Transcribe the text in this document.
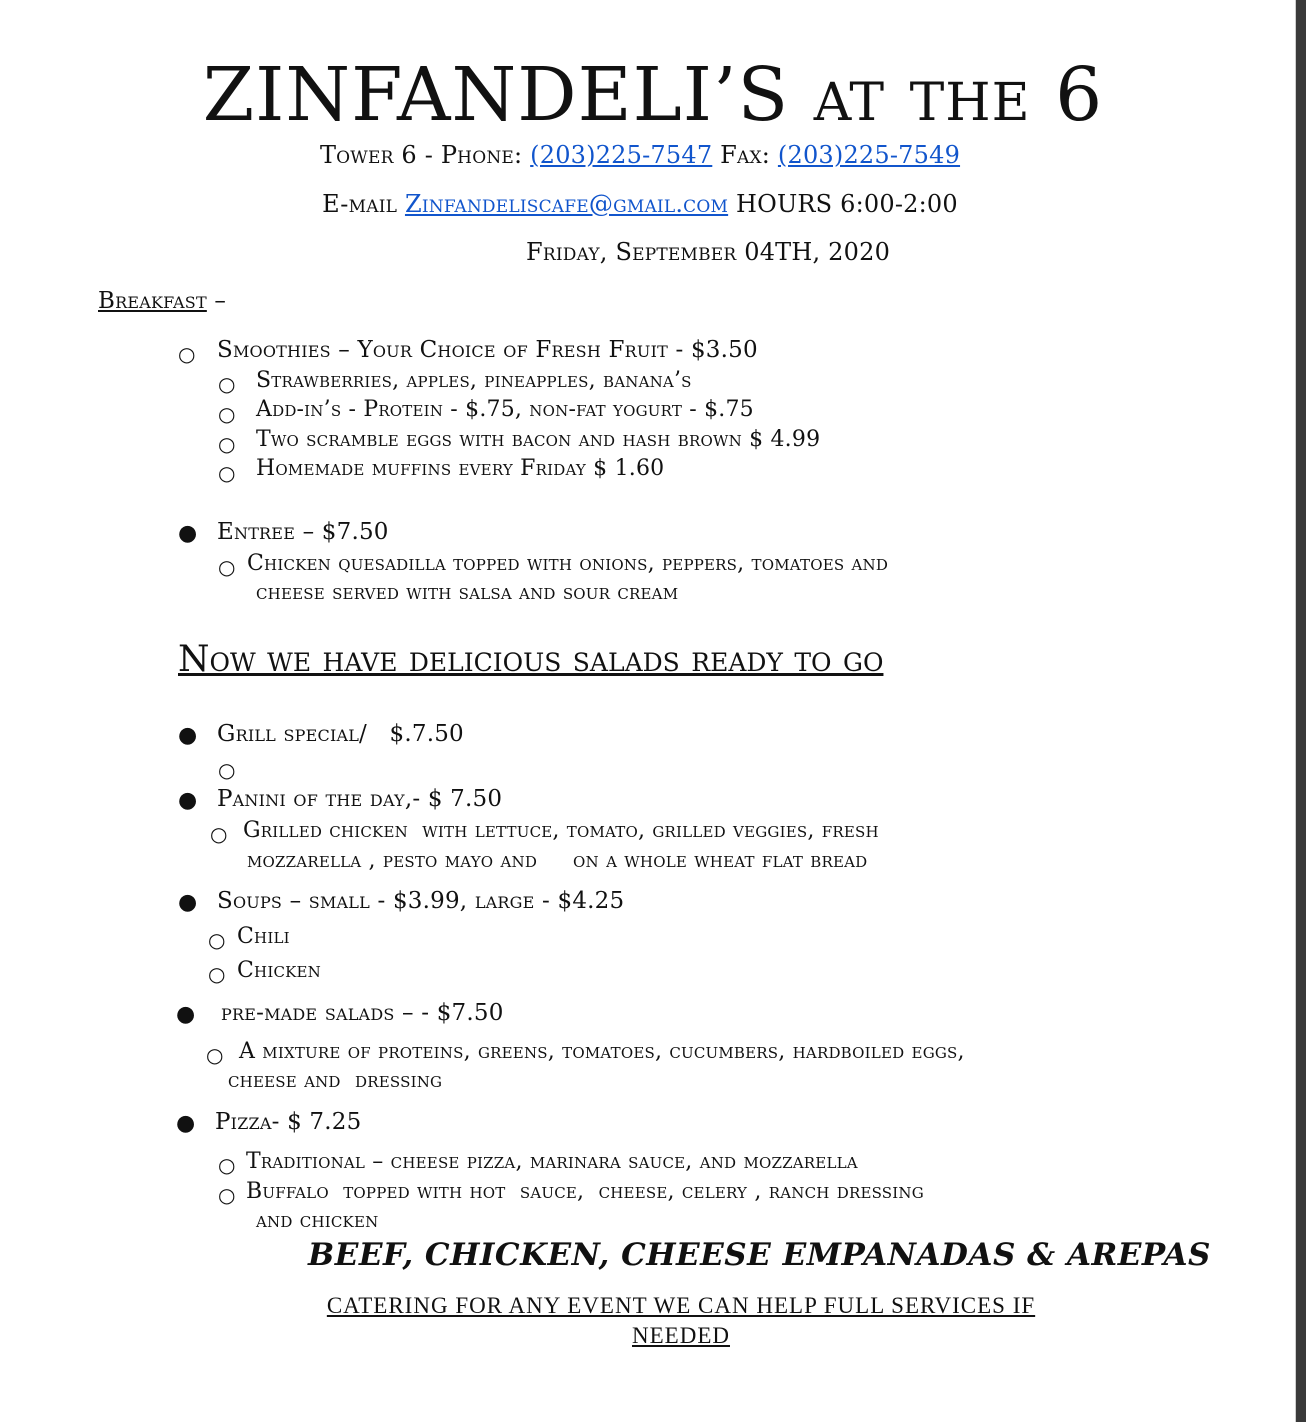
ZINFANDELI’S at the 6
Tower 6 - Phone: (203)225-7547 Fax: (203)225-7549
E-mail Zinfandeliscafe@gmail.com HOURS 6:00-2:00
Friday, September 04TH, 2020
Breakfast –
○ Smoothies – Your Choice of Fresh Fruit - $3.50
○ Strawberries, apples, pineapples, banana’s
○ Add-in’s - Protein - $.75, non-fat yogurt - $.75
○ Two scramble eggs with bacon and hash brown $ 4.99
○ Homemade muffins every Friday $ 1.60
● Entree – $7.50
○ Chicken quesadilla topped with onions, peppers, tomatoes and
cheese served with salsa and sour cream
Now we have delicious salads ready to go
● Grill special/   $.7.50
○
● Panini of the day,- $ 7.50
○ Grilled chicken  with lettuce, tomato, grilled veggies, fresh
mozzarella , pesto mayo and     on a whole wheat flat bread
● Soups – small - $3.99, large - $4.25
○ Chili
○ Chicken
● pre-made salads – - $7.50
○ A mixture of proteins, greens, tomatoes, cucumbers, hardboiled eggs,
cheese and  dressing
● Pizza- $ 7.25
○ Traditional – cheese pizza, marinara sauce, and mozzarella
○ Buffalo  topped with hot  sauce,  cheese, celery , ranch dressing
and chicken
BEEF, CHICKEN, CHEESE EMPANADAS & AREPAS
CATERING FOR ANY EVENT WE CAN HELP FULL SERVICES IF
NEEDED
